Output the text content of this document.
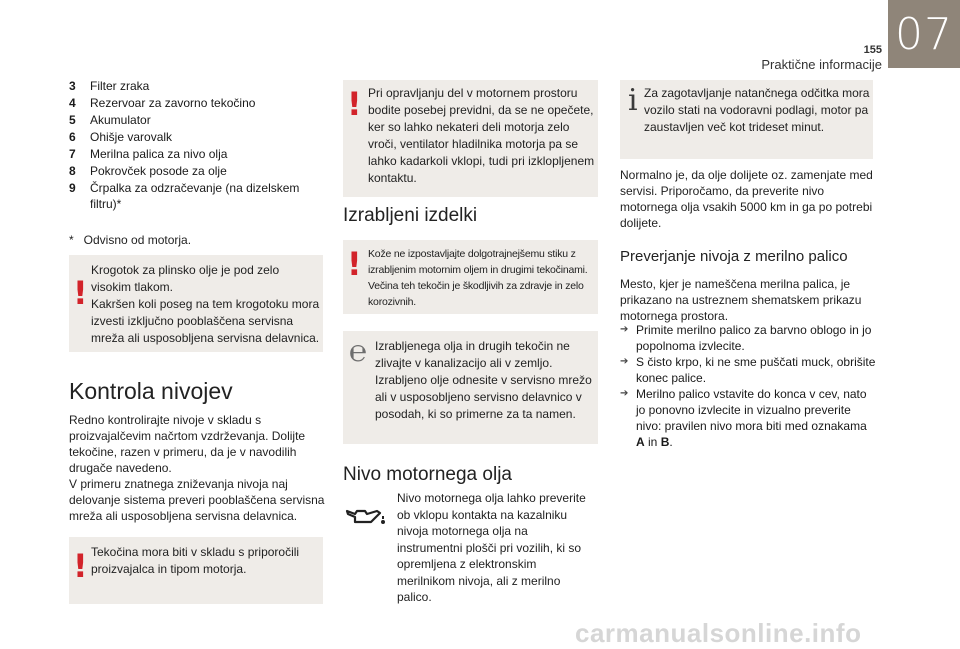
07
155
Praktične informacije
3	Filter zraka
4	Rezervoar za zavorno tekočino
5	Akumulator
6	Ohišje varovalk
7	Merilna palica za nivo olja
8	Pokrovček posode za olje
9	Črpalka za odzračevanje (na dizelskem filtru)*
*   Odvisno od motorja.
!
Krogotok za plinsko olje je pod zelo visokim tlakom.
Kakršen koli poseg na tem krogotoku mora izvesti izključno pooblaščena servisna mreža ali usposobljena servisna delavnica.
Kontrola nivojev
Redno kontrolirajte nivoje v skladu s proizvajalčevim načrtom vzdrževanja. Dolijte tekočine, razen v primeru, da je v navodilih drugače navedeno.
V primeru znatnega zniževanja nivoja naj delovanje sistema preveri pooblaščena servisna mreža ali usposobljena servisna delavnica.
! Tekočina mora biti v skladu s priporočili proizvajalca in tipom motorja.
! Pri opravljanju del v motornem prostoru bodite posebej previdni, da se ne opečete, ker so lahko nekateri deli motorja zelo vroči, ventilator hladilnika motorja pa se lahko kadarkoli vklopi, tudi pri izklopljenem kontaktu.
Izrabljeni izdelki
! Kože ne izpostavljajte dolgotrajnejšemu stiku z izrabljenim motornim oljem in drugimi tekočinami.
Večina teh tekočin je škodljivih za zdravje in zelo korozivnih.
℮ Izrabljenega olja in drugih tekočin ne zlivajte v kanalizacijo ali v zemljo.
Izrabljeno olje odnesite v servisno mrežo ali v usposobljeno servisno delavnico v posodah, ki so primerne za ta namen.
Nivo motornega olja
Nivo motornega olja lahko preverite ob vklopu kontakta na kazalniku nivoja motornega olja na instrumentni plošči pri vozilih, ki so opremljena z elektronskim merilnikom nivoja, ali z merilno palico.
i Za zagotavljanje natančnega odčitka mora vozilo stati na vodoravni podlagi, motor pa zaustavljen več kot trideset minut.
Normalno je, da olje dolijete oz. zamenjate med servisi. Priporočamo, da preverite nivo motornega olja vsakih 5000 km in ga po potrebi dolijete.
Preverjanje nivoja z merilno palico
Mesto, kjer je nameščena merilna palica, je prikazano na ustreznem shematskem prikazu motornega prostora.
➔ Primite merilno palico za barvno oblogo in jo popolnoma izvlecite.
➔ S čisto krpo, ki ne sme puščati muck, obrišite konec palice.
➔ Merilno palico vstavite do konca v cev, nato jo ponovno izvlecite in vizualno preverite nivo: pravilen nivo mora biti med oznakama A in B.
carmanualsonline.info
